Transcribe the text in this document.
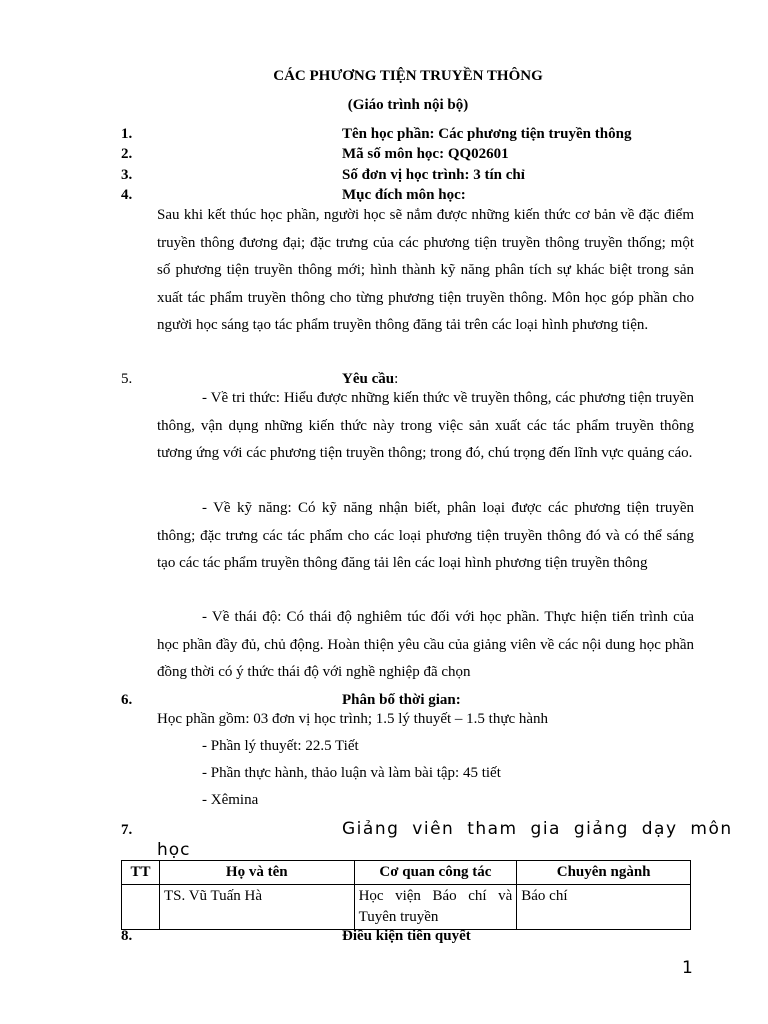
CÁC PHƯƠNG TIỆN TRUYỀN THÔNG
(Giáo trình nội bộ)
1.	Tên học phần: Các phương tiện truyền thông
2.	Mã số môn học: QQ02601
3.	Số đơn vị học trình: 3 tín chỉ
4.	Mục đích môn học:
Sau khi kết thúc học phần, người học sẽ nắm được những kiến thức cơ bản về đặc điểm truyền thông đương đại; đặc trưng của các phương tiện truyền thông truyền thống; một số phương tiện truyền thông mới; hình thành kỹ năng phân tích sự khác biệt trong sản xuất tác phẩm truyền thông cho từng phương tiện truyền thông. Môn học góp phần cho người học sáng tạo tác phẩm truyền thông đăng tải trên các loại hình phương tiện.
5.	Yêu cầu:
- Về tri thức: Hiểu được những kiến thức về truyền thông, các phương tiện truyền thông, vận dụng những kiến thức này trong việc sản xuất các tác phẩm truyền thông tương ứng với các phương tiện truyền thông; trong đó, chú trọng đến lĩnh vực quảng cáo.
- Về kỹ năng: Có kỹ năng nhận biết, phân loại được các phương tiện truyền thông; đặc trưng các tác phẩm cho các loại phương tiện truyền thông đó và có thể sáng tạo các tác phẩm truyền thông đăng tải lên các loại hình phương tiện truyền thông
- Về thái độ: Có thái độ nghiêm túc đối với học phần. Thực hiện tiến trình của học phần đầy đủ, chủ động. Hoàn thiện yêu cầu của giảng viên về các nội dung học phần đồng thời có ý thức thái độ với nghề nghiệp đã chọn
6.	Phân bố thời gian:
Học phần gồm: 03 đơn vị học trình; 1.5 lý thuyết – 1.5 thực hành
- Phần lý thuyết: 22.5 Tiết
- Phần thực hành, thảo luận và làm bài tập: 45 tiết
- Xêmina
7.	Giảng viên tham gia giảng dạy môn
học
TT	Họ và tên	Cơ quan công tác	Chuyên ngành
	TS. Vũ Tuấn Hà	Học viện Báo chí và Tuyên truyền	Báo chí
8.	Điều kiện tiên quyết
1
